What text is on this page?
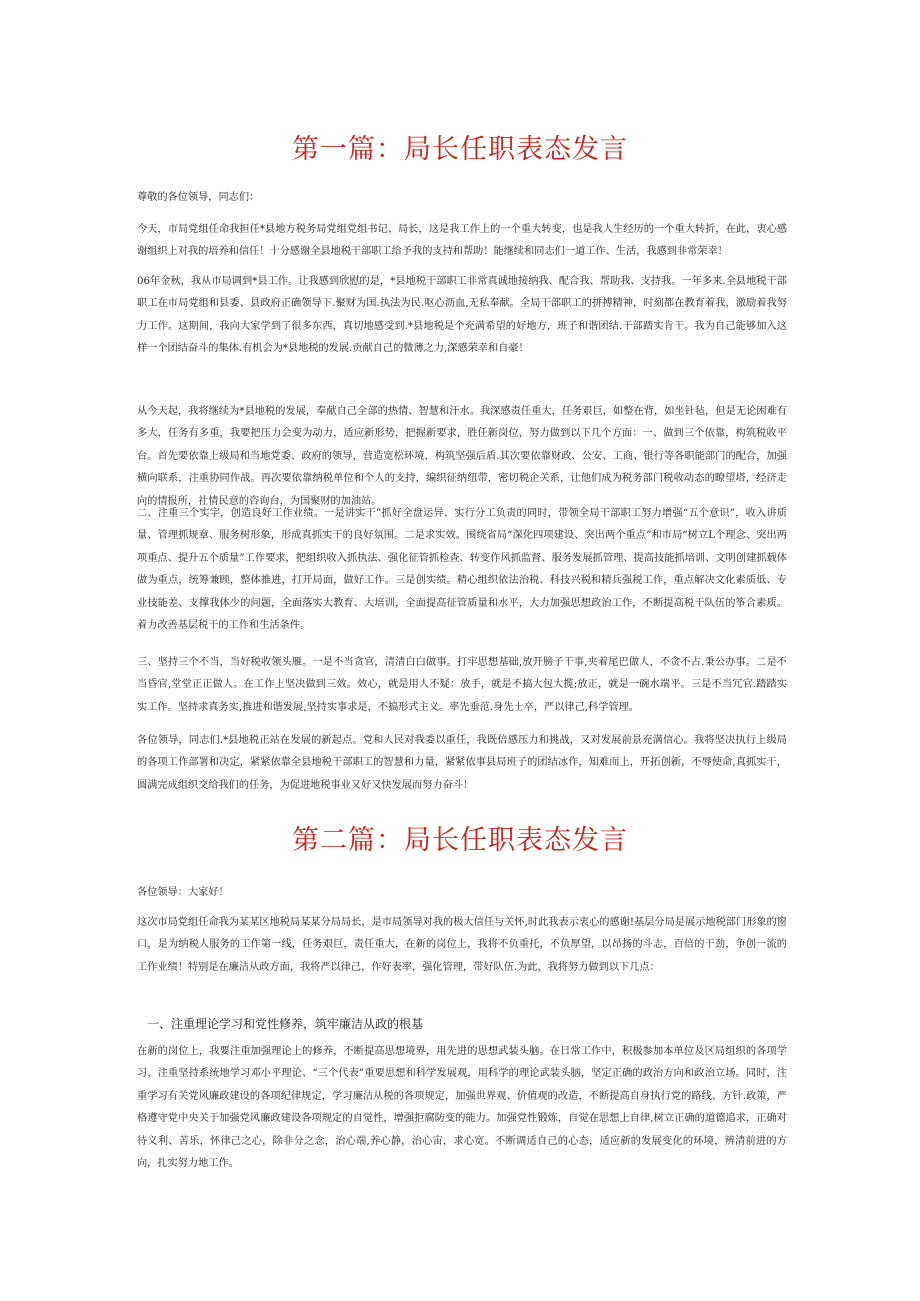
第一篇：局长任职表态发言

尊敬的各位领导，同志们：

今天，市局党组任命我担任*县地方税务局党组党组书记、局长，这是我工作上的一个重大转变，也是我人生经历的一个重大转折，在此，衷心感谢组织上对我的培养和信任！十分感谢全县地税干部职工给予我的支持和帮助！能继续和同志们一道工作、生活，我感到非常荣幸！

06年金秋，我从市局调到*县工作。让我感到欣慰的是，*县地税干部职工非常真诚地接纳我、配合我、帮助我、支持我。一年多来.全县地税干部职工在市局党组和县委、县政府正确领导下.聚财为国.执法为民.呕心沥血,无私奉献。全局干部职工的拼搏精神，时刻都在教育着我，激励着我努力工作。这期间，我向大家学到了很多东西，真切地感受到.*县地税是个充满希望的好地方，班子和谐团结.干部踏实肯干。我为自己能够加入这样一个团结奋斗的集体.有机会为*县地税的发展.贡献自己的微薄之力,深感荣幸和自豪！

从今天起，我将继续为*县地税的发展，奉献自己全部的热情、智慧和汗水。我深感责任重大，任务艰巨，如整在背，如坐针毡，但是无论困难有多大，任务有多重，我要把压力会变为动力，适应新形势，把握新要求，胜任新岗位，努力做到以下几个方面：一、做到三个依靠，构筑税收平台。首先要依靠上级局和当地党委、政府的领导，营造宽松环境，构筑坚强后盾.其次要依靠财政、公安、工商、银行等各职能部门的配合，加强横向联系，注重协同作战。再次要依靠纳税单位和个人的支持，编织征纳纽带，密切税企关系，让他们成为税务部门税收动态的瞭望塔，经济走向的情报所，社情民意的咨询台，为国聚财的加油站。

二、注重三个实字，创造良好工作业绩。一是讲实干”抓好全盘运异、实行分工负责的同时，带领全局干部职工努力增强“五个意识”，收入讲质量、管理抓规章、服务树形象，形成真抓实干的良好氛围。二是求实效。围绕省局“深化四项建设、突出两个重点”和市局“树立L个理念、突出两项重点、提升五个质量”工作要求，把组织收入抓执法、强化征管抓检查、转变作风抓监督、服务发展抓管理、提高技能抓培训、文明创建抓载体做为重点，统筹兼顾，整体推进，打开局面，做好工作。三是创实绩。精心组织依法治税、科技兴税和精兵强税工作，重点解决文化素质低、专业技能差、支撑我体少的问题，全面落实大教育、大培训，全面提高征管质量和水平，大力加强思想政治工作，不断提高税干队伍的筝合素质。着力改善基层税干的工作和生活条件。

三、坚持三个不当，当好税收领头雁。一是不当贪官，清清白白做事。打牢思想基础,放开膀子干事,夹着尾巴做人，不贪不占.秉公办事。二是不当昏官,堂堂正正做人。在工作上坚决做到三效。效心，就是用人不疑：放手，就是不搞大包大揽;放正，就是一碗水端平。三是不当冗官.踏踏实实工作。坚持求真务实,推进和谐发展,坚持实事求是，不搞形式主义。率先垂范.身先士卒，严以律己,科学管理。

各位领导，同志们.*县地税正站在发展的新起点。党和人民对我委以重任，我既倍感压力和挑战，又对发展前景充满信心。我将坚决执行上级局的各项工作部署和决定，紧紧依靠全县地税干部职工的智慧和力量，紧紧依事县局班子的团结冰作，知难而上，开拓创新，不辱使命,真抓实干，圆满完成组织交给我们的任务，为促进地税事业又好又快发展而努力奋斗！

第二篇：局长任职表态发言

各位领导：大家好！

这次市局党组任命我为某某区地税局某某分局局长，是市局领导对我的极大信任与关怀,时此我表示衷心的感谢!基层分局是展示地税部门形象的窗口，是为纳税人服务的工作第一线，任务艰巨，责任重大，在新的岗位上，我将不负重托，不负厚望，以昂扬的斗志，百倍的干劲，争创一流的工作业绩！特别是在廉洁从政方面，我将严以律己，作好表率，强化管理，带好队伍.为此，我将努力做到以下几点：

一、注重理论学习和党性修养，筑牢廉洁从政的根基

在新的岗位上，我要注重加强理论上的修养，不断提高思想境界，用先进的思想武装头脑。在日常工作中，积极参加本单位及区局组织的各项学习，注重坚持系统地学习邓小平理论、“三个代表”重要思想和科学发展观，用科学的理论武装头脑，坚定正确的政治方向和政治立场。同时，注重学习有关党风廉政建设的各项纪律规定，学习廉洁从税的各项规定，加强世界观、价值观的改造，不断提高自身执行党的路线、方针.政策，严格遵守党中央关于加强党风廉政建设各项规定的自觉性，增强拒腐防变的能力。加强党性锻炼，自觉在思想上自律,树立正确的道德追求，正确对待义利、苦乐，怀律己之心，除非分之念，治心端,养心静，治心宙，求心宽。不断调适自己的心态，适应新的发展变化的环境，辨清前进的方向，扎实努力地工作。
